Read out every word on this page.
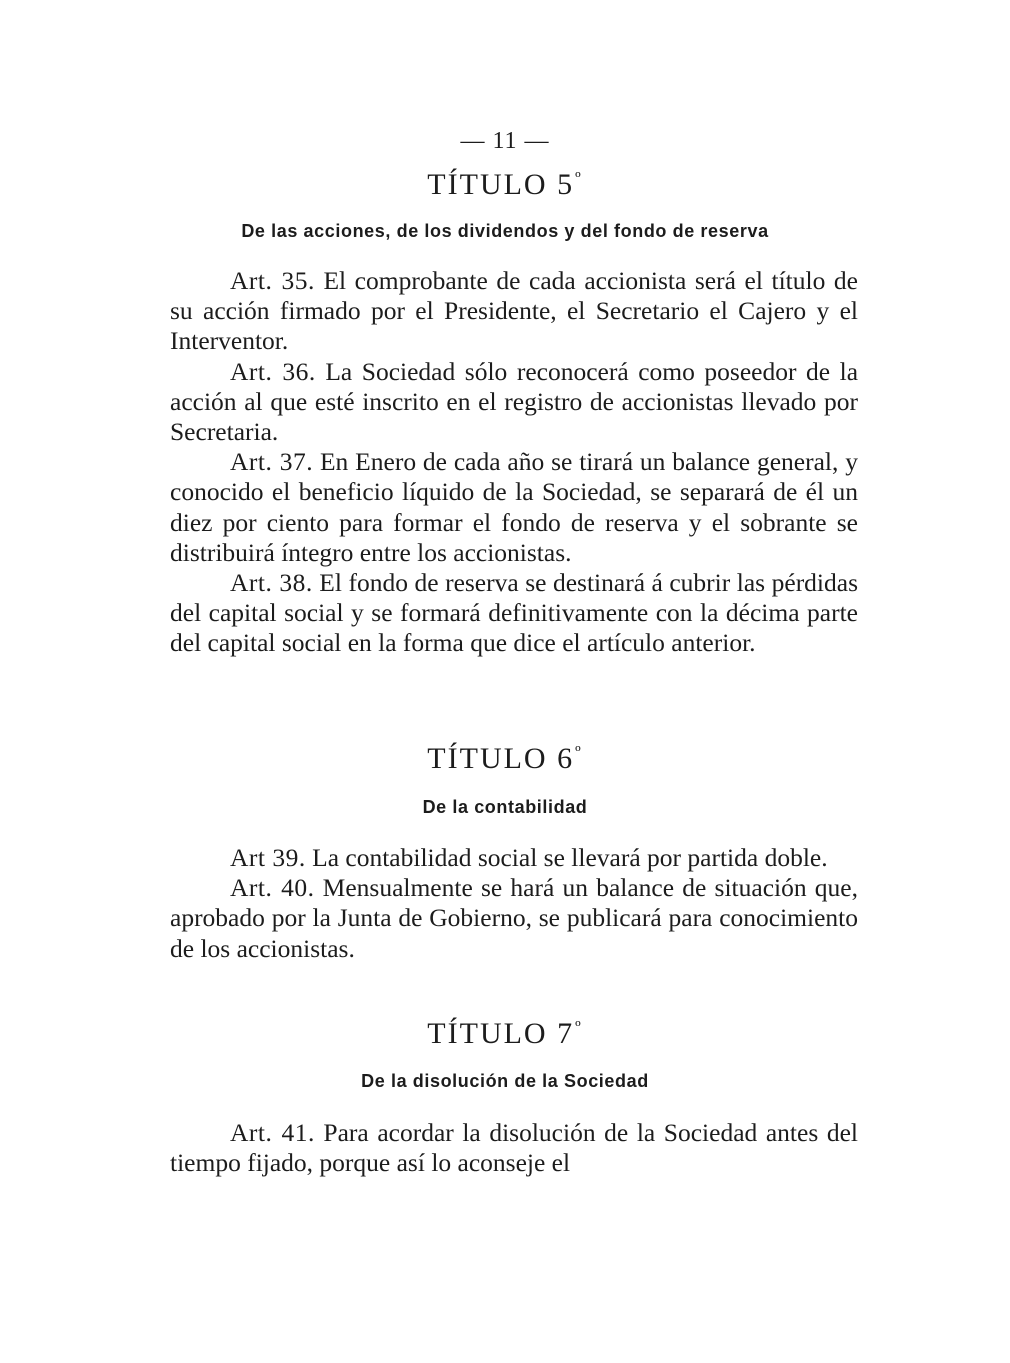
— 11 —
TÍTULO $5^º$
De las acciones, de los dividendos y del fondo de reserva

Art. 35. El comprobante de cada accionista será el título de su acción firmado por el Presidente, el Secretario el Cajero y el Interventor.

Art. 36. La Sociedad sólo reconocerá como poseedor de la acción al que esté inscrito en el registro de accionistas llevado por Secretaria.

Art. 37. En Enero de cada año se tirará un balance general, y conocido el beneficio líquido de la Sociedad, se separará de él un diez por ciento para formar el fondo de reserva y el sobrante se distribuirá íntegro entre los accionistas.

Art. 38. El fondo de reserva se destinará á cubrir las pérdidas del capital social y se formará definitivamente con la décima parte del capital social en la forma que dice el artículo anterior.

TÍTULO $6^º$
De la contabilidad

Art 39. La contabilidad social se llevará por partida doble.

Art. 40. Mensualmente se hará un balance de situación que, aprobado por la Junta de Gobierno, se publicará para conocimiento de los accionistas.

TÍTULO $7^º$
De la disolución de la Sociedad

Art. 41. Para acordar la disolución de la Sociedad antes del tiempo fijado, porque así lo aconseje el
